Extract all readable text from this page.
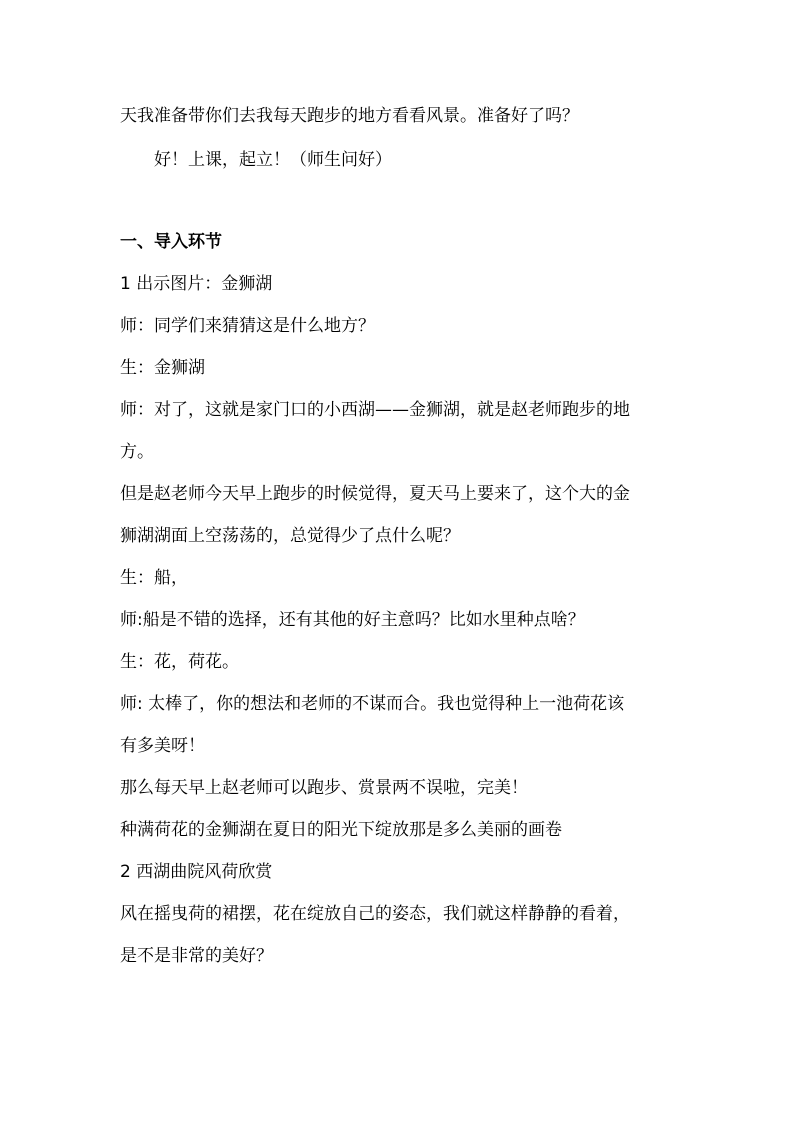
天我准备带你们去我每天跑步的地方看看风景。准备好了吗？
好！上课，起立！（师生问好）
一、导入环节
1 出示图片：金狮湖
师：同学们来猜猜这是什么地方？
生：金狮湖
师：对了，这就是家门口的小西湖——金狮湖，就是赵老师跑步的地
方。
但是赵老师今天早上跑步的时候觉得，夏天马上要来了，这个大的金
狮湖湖面上空荡荡的，总觉得少了点什么呢？
生：船，
师:船是不错的选择，还有其他的好主意吗？比如水里种点啥？
生：花，荷花。
师: 太棒了，你的想法和老师的不谋而合。我也觉得种上一池荷花该
有多美呀！
那么每天早上赵老师可以跑步、赏景两不误啦，完美！
种满荷花的金狮湖在夏日的阳光下绽放那是多么美丽的画卷
2 西湖曲院风荷欣赏
风在摇曳荷的裙摆，花在绽放自己的姿态，我们就这样静静的看着，
是不是非常的美好？
